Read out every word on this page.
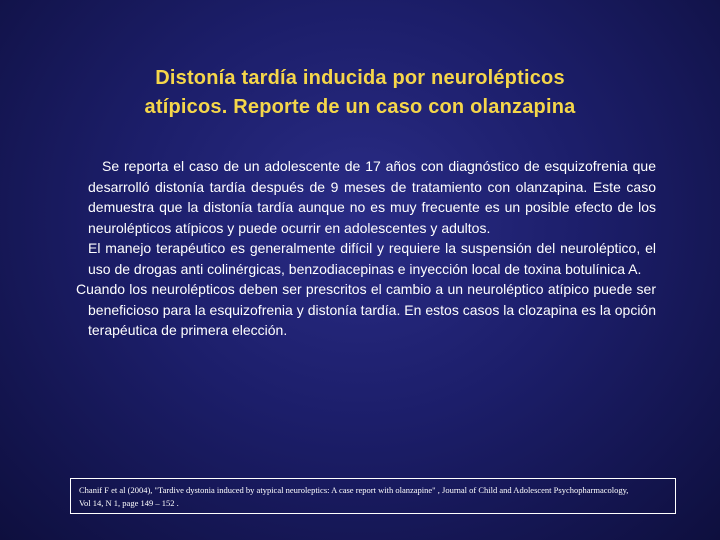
Distonía tardía inducida por neurolépticos
atípicos. Reporte de un caso con olanzapina

Se reporta el caso de un adolescente de 17 años con diagnóstico de esquizofrenia que desarrolló distonía tardía después de 9 meses de tratamiento con olanzapina. Este caso demuestra que la distonía tardía aunque no es muy frecuente es un posible efecto de los neurolépticos atípicos y puede ocurrir en adolescentes y adultos.

El manejo terapéutico es generalmente difícil y requiere la suspensión del neuroléptico, el uso de drogas anti colinérgicas, benzodiacepinas e inyección local de toxina botulínica A.

Cuando los neurolépticos deben ser prescritos el cambio a un neuroléptico atípico puede ser beneficioso para la esquizofrenia y distonía tardía. En estos casos la clozapina es la opción terapéutica de primera elección.

Chanif F et al (2004), "Tardive dystonia induced by atypical neuroleptics: A case report with olanzapine" , Journal of Child and Adolescent Psychopharmacology,
Vol 14, N 1, page 149 – 152 .
